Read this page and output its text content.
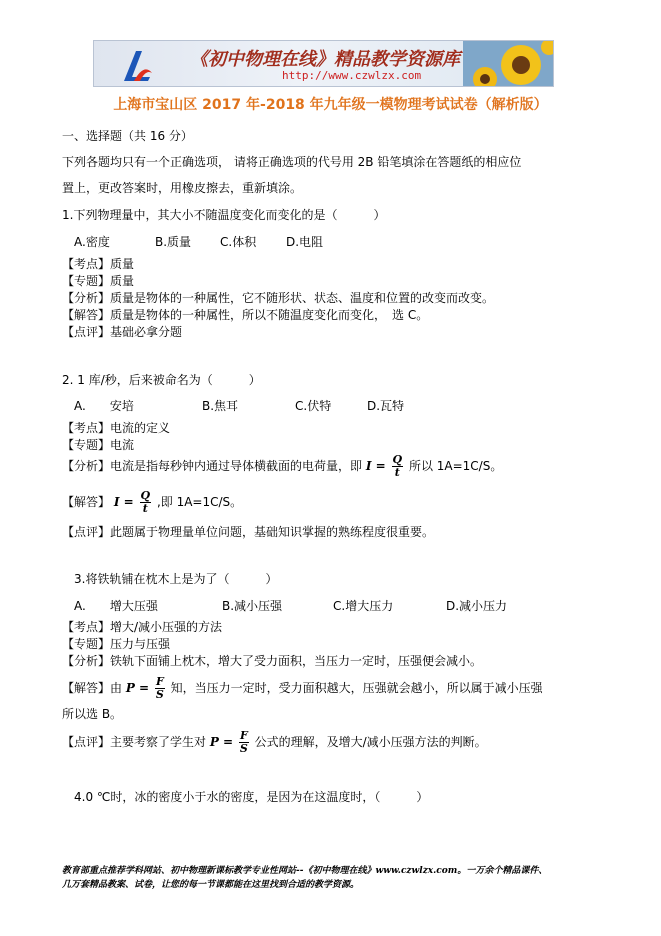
《初中物理在线》精品教学资源库
http://www.czwlzx.com
上海市宝山区 2017 年-2018 年九年级一模物理考试试卷（解析版）
一、选择题（共 16 分）
下列各题均只有一个正确选项， 请将正确选项的代号用 2B 铅笔填涂在答题纸的相应位
置上，更改答案时，用橡皮擦去，重新填涂。
1.下列物理量中，其大小不随温度变化而变化的是（　　　）
A.密度	B.质量 C.体积 D.电阻
【考点】质量
【专题】质量
【分析】质量是物体的一种属性，它不随形状、状态、温度和位置的改变而改变。
【解答】质量是物体的一种属性，所以不随温度变化而变化，　选 C。
【点评】基础必拿分题
2. 1 库/秒，后来被命名为（　　　）
A.　　安培	B.焦耳	C.伏特	D.瓦特
【考点】电流的定义
【专题】电流
【分析】电流是指每秒钟内通过导体横截面的电荷量，即 $I = \frac{Q}{t}$ 所以 1A=1C/S。
【解答】 $I = \frac{Q}{t}$ ,即 1A=1C/S。
【点评】此题属于物理量单位问题，基础知识掌握的熟练程度很重要。
3.将铁轨铺在枕木上是为了（　　　）
A.　　增大压强	B.减小压强	C.增大压力	D.减小压力
【考点】增大/减小压强的方法
【专题】压力与压强
【分析】铁轨下面铺上枕木，增大了受力面积，当压力一定时，压强便会减小。
【解答】由 $P = \frac{F}{S}$ 知，当压力一定时，受力面积越大，压强就会越小，所以属于减小压强
所以选 B。
【点评】主要考察了学生对 $P = \frac{F}{S}$ 公式的理解，及增大/减小压强方法的判断。
4.0 ℃时，冰的密度小于水的密度，是因为在这温度时，（　　　）
教育部重点推荐学科网站、初中物理新课标教学专业性网站--《初中物理在线》www.czwlzx.com。一万余个精品课件、
几万套精品教案、试卷，让您的每一节课都能在这里找到合适的教学资源。
